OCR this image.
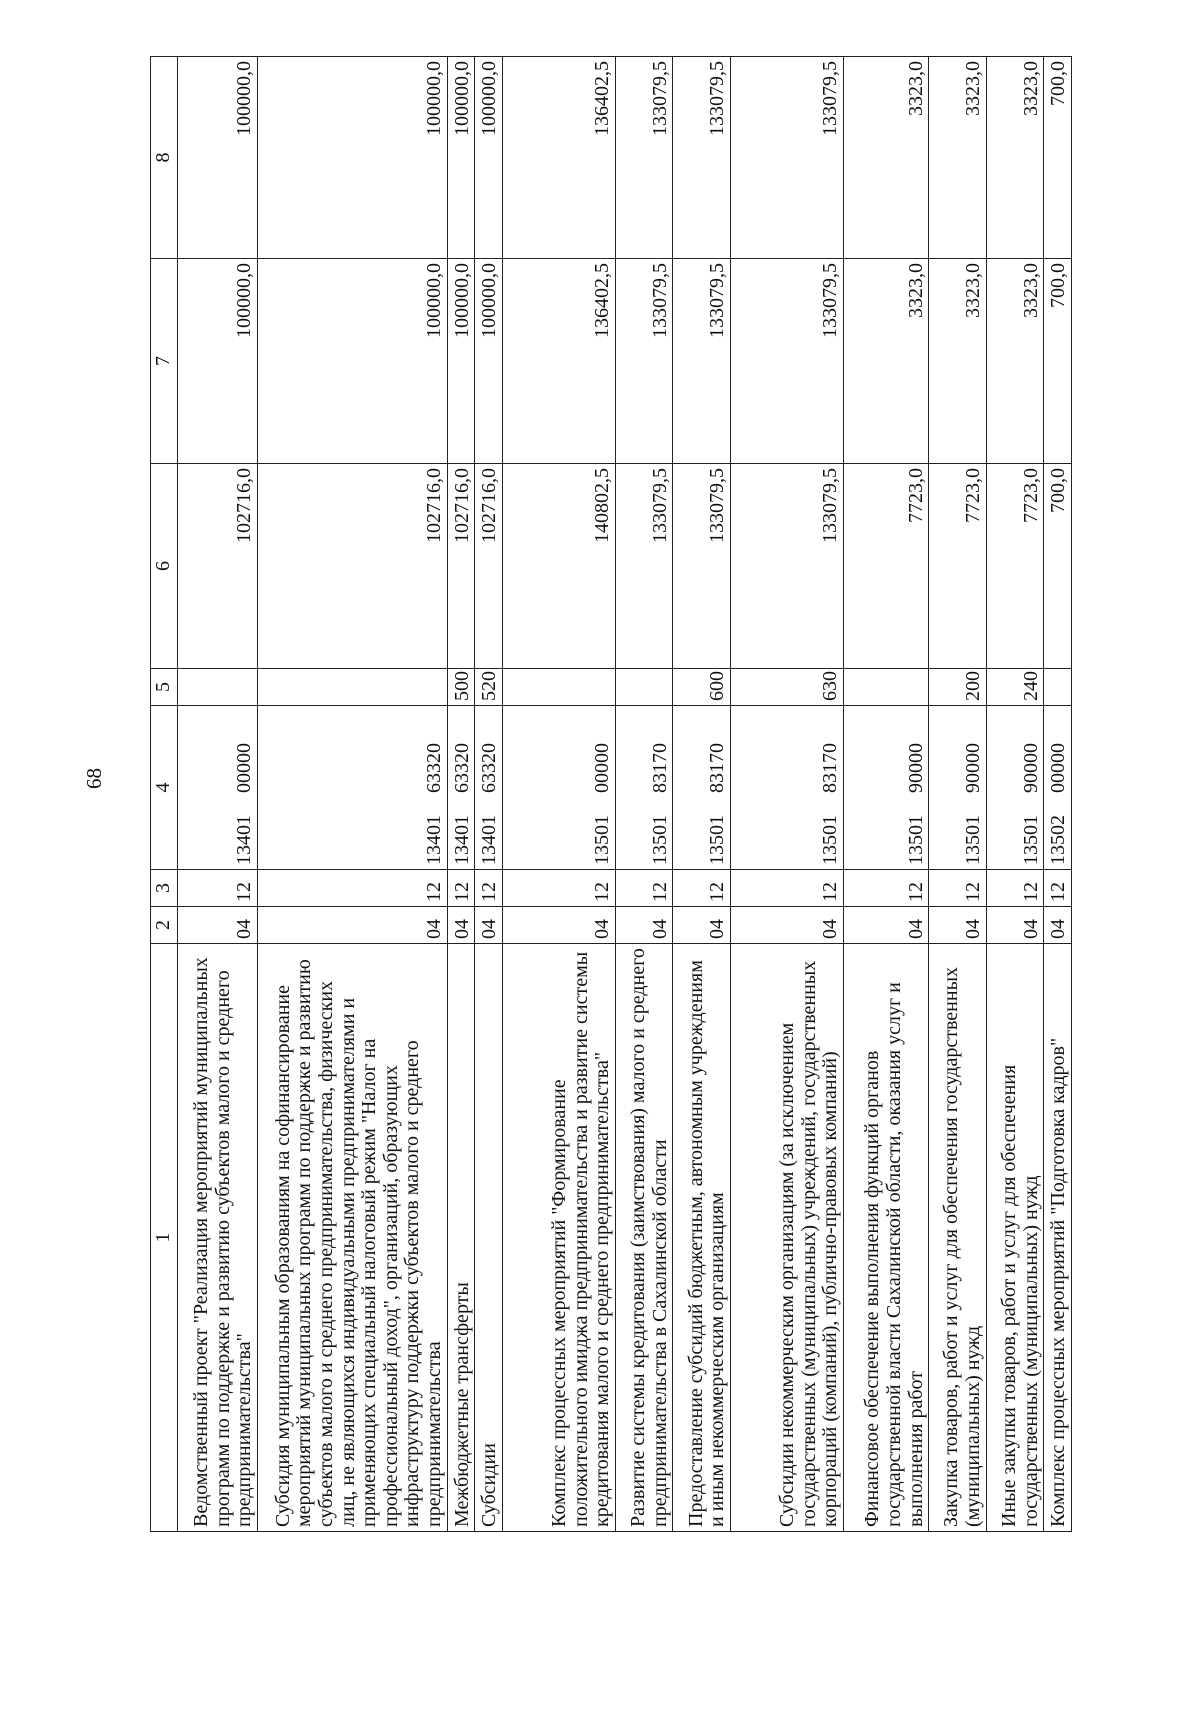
68
1	2	3	4	5	6	7	8
Ведомственный проект "Реализация мероприятий муниципальных программ по поддержке и развитию субъектов малого и среднего предпринимательства"	04	12	1340100000		102716,0	100000,0	100000,0
Субсидия муниципальным образованиям на софинансирование мероприятий муниципальных программ по поддержке и развитию субъектов малого и среднего предпринимательства, физических лиц, не являющихся индивидуальными предпринимателями и применяющих специальный налоговый режим "Налог на профессиональный доход", организаций, образующих инфраструктуру поддержки субъектов малого и среднего предпринимательства	04	12	1340163320		102716,0	100000,0	100000,0
Межбюджетные трансферты	04	12	1340163320	500	102716,0	100000,0	100000,0
Субсидии	04	12	1340163320	520	102716,0	100000,0	100000,0
Комплекс процессных мероприятий "Формирование положительного имиджа предпринимательства и развитие системы кредитования малого и среднего предпринимательства"	04	12	1350100000		140802,5	136402,5	136402,5
Развитие системы кредитования (заимствования) малого и среднего предпринимательства в Сахалинской области	04	12	1350183170		133079,5	133079,5	133079,5
Предоставление субсидий бюджетным, автономным учреждениям и иным некоммерческим организациям	04	12	1350183170	600	133079,5	133079,5	133079,5
Субсидии некоммерческим организациям (за исключением государственных (муниципальных) учреждений, государственных корпораций (компаний), публично-правовых компаний)	04	12	1350183170	630	133079,5	133079,5	133079,5
Финансовое обеспечение выполнения функций органов государственной власти Сахалинской области, оказания услуг и выполнения работ	04	12	1350190000		7723,0	3323,0	3323,0
Закупка товаров, работ и услуг для обеспечения государственных (муниципальных) нужд	04	12	1350190000	200	7723,0	3323,0	3323,0
Иные закупки товаров, работ и услуг для обеспечения государственных (муниципальных) нужд	04	12	1350190000	240	7723,0	3323,0	3323,0
Комплекс процессных мероприятий "Подготовка кадров"	04	12	1350200000		700,0	700,0	700,0
